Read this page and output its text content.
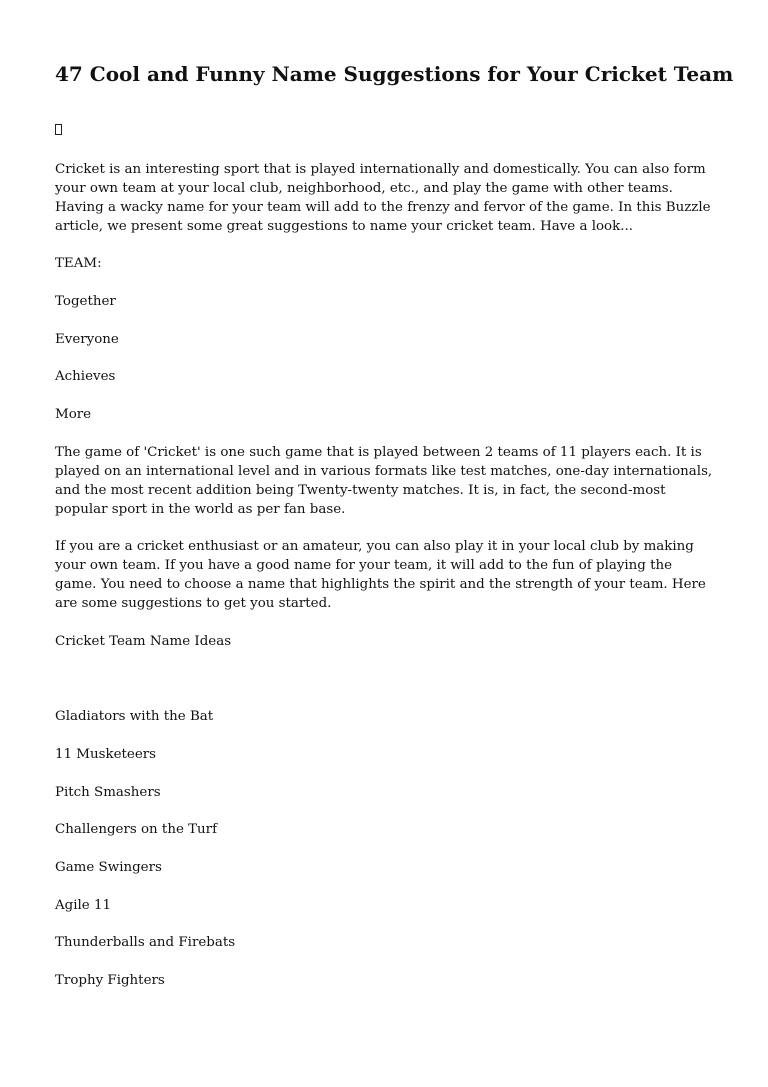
47 Cool and Funny Name Suggestions for Your Cricket Team

Cricket is an interesting sport that is played internationally and domestically. You can also form your own team at your local club, neighborhood, etc., and play the game with other teams. Having a wacky name for your team will add to the frenzy and fervor of the game. In this Buzzle article, we present some great suggestions to name your cricket team. Have a look...

TEAM:

Together

Everyone

Achieves

More

The game of 'Cricket' is one such game that is played between 2 teams of 11 players each. It is played on an international level and in various formats like test matches, one-day internationals, and the most recent addition being Twenty-twenty matches. It is, in fact, the second-most popular sport in the world as per fan base.

If you are a cricket enthusiast or an amateur, you can also play it in your local club by making your own team. If you have a good name for your team, it will add to the fun of playing the game. You need to choose a name that highlights the spirit and the strength of your team. Here are some suggestions to get you started.

Cricket Team Name Ideas

Gladiators with the Bat

11 Musketeers

Pitch Smashers

Challengers on the Turf

Game Swingers

Agile 11

Thunderballs and Firebats

Trophy Fighters
